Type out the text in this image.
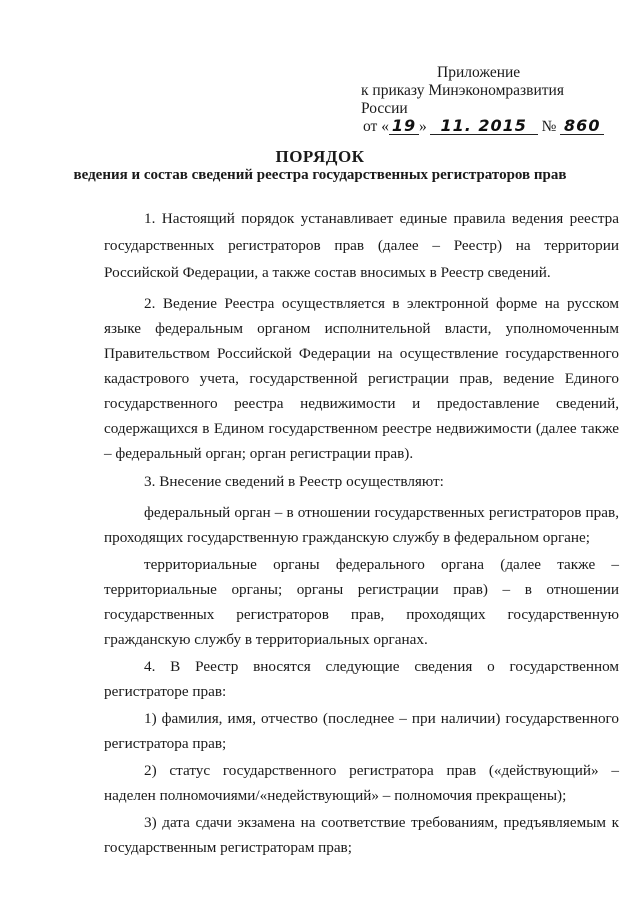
Приложение
к приказу Минэкономразвития России
от « 19 » 11. 2015 № 860
ПОРЯДОК
ведения и состав сведений реестра государственных регистраторов прав

1. Настоящий порядок устанавливает единые правила ведения реестра государственных регистраторов прав (далее – Реестр) на территории Российской Федерации, а также состав вносимых в Реестр сведений.

2. Ведение Реестра осуществляется в электронной форме на русском языке федеральным органом исполнительной власти, уполномоченным Правительством Российской Федерации на осуществление государственного кадастрового учета, государственной регистрации прав, ведение Единого государственного реестра недвижимости и предоставление сведений, содержащихся в Едином государственном реестре недвижимости (далее также – федеральный орган; орган регистрации прав).

3. Внесение сведений в Реестр осуществляют:

федеральный орган – в отношении государственных регистраторов прав, проходящих государственную гражданскую службу в федеральном органе;

территориальные органы федерального органа (далее также – территориальные органы; органы регистрации прав) – в отношении государственных регистраторов прав, проходящих государственную гражданскую службу в территориальных органах.

4. В Реестр вносятся следующие сведения о государственном регистраторе прав:

1) фамилия, имя, отчество (последнее – при наличии) государственного регистратора прав;

2) статус государственного регистратора прав («действующий» – наделен полномочиями/«недействующий» – полномочия прекращены);

3) дата сдачи экзамена на соответствие требованиям, предъявляемым к государственным регистраторам прав;
